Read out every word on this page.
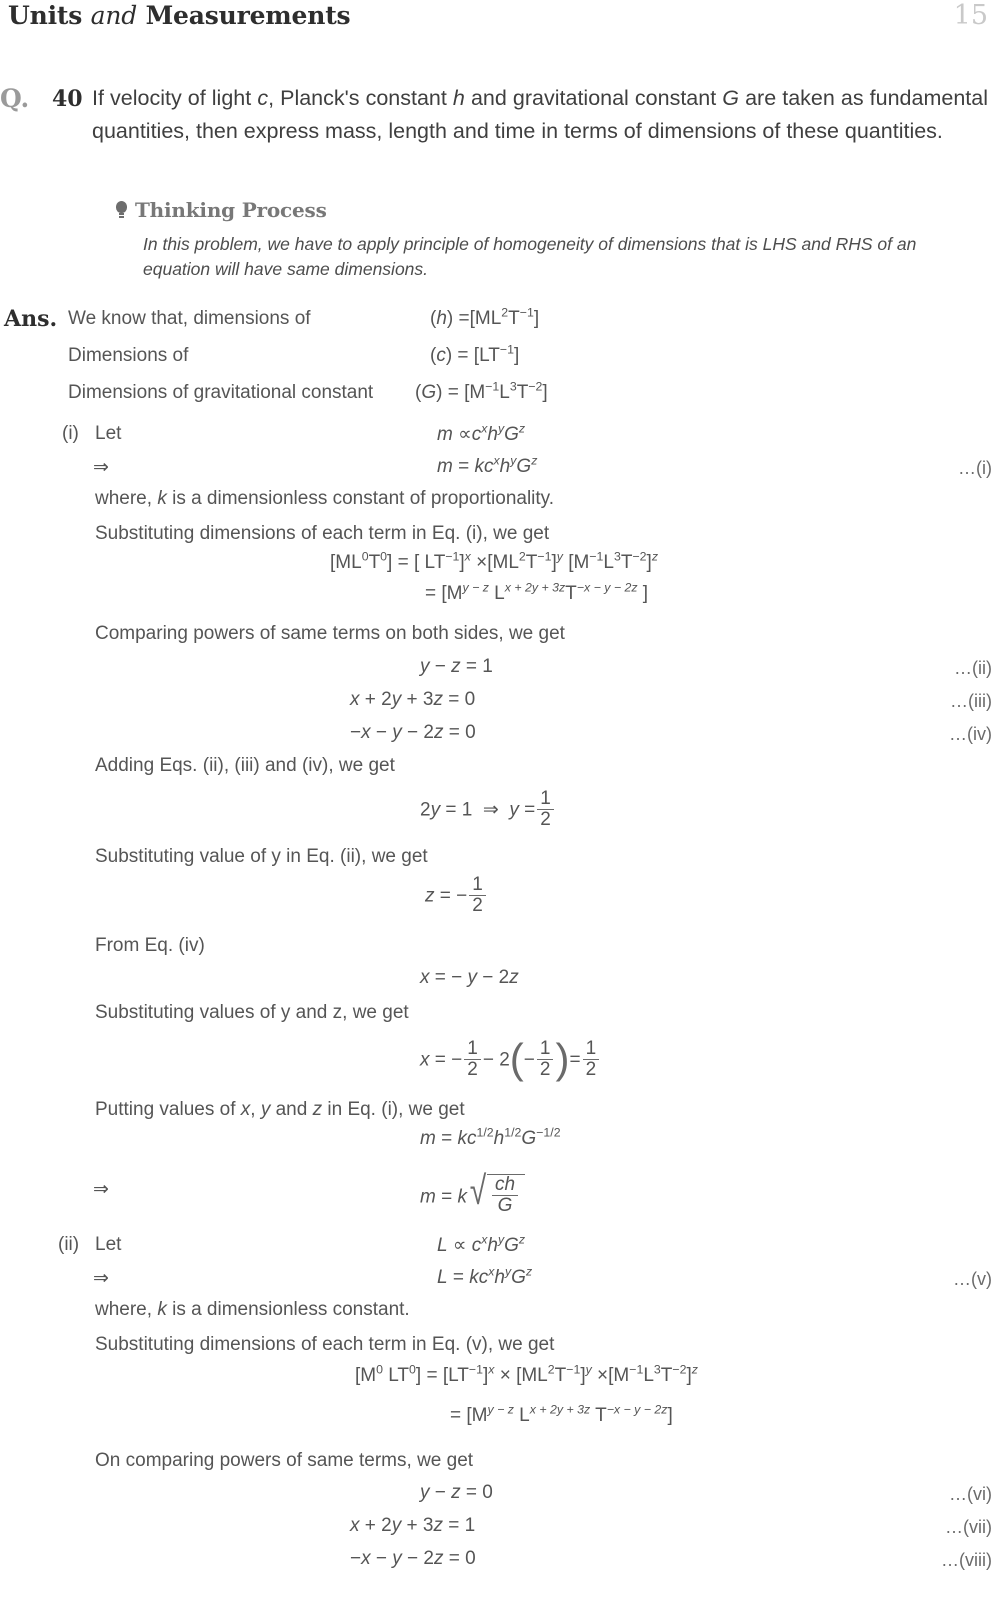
Units and Measurements	15
Q. 40 If velocity of light c, Planck's constant h and gravitational constant G are taken as fundamental quantities, then express mass, length and time in terms of dimensions of these quantities.
Thinking Process
In this problem, we have to apply principle of homogeneity of dimensions that is LHS and RHS of an equation will have same dimensions.
Ans. We know that, dimensions of	$(h) =[ML^2T^{-1}]$
Dimensions of	$(c) = [LT^{-1}]$
Dimensions of gravitational constant $(G) = [M^{-1}L^3T^{-2}]$
(i) Let	$m \propto c^xh^yG^z$
⇒	$m = kc^xh^yG^z$	…(i)
where, k is a dimensionless constant of proportionality.
Substituting dimensions of each term in Eq. (i), we get
$[ML^0T^0]$ = [ $LT^{-1}]^x \times[ML^2T^{-1}]^y$ $[M^{-1}L^3T^{-2}]^z$
= [$M^{y - z}$ $L^{x + 2y + 3z}T^{-x - y - 2z}$ ]
Comparing powers of same terms on both sides, we get
y − z = 1	…(ii)
x + 2y + 3z = 0	…(iii)
−x − y − 2z = 0	…(iv)
Adding Eqs. (ii), (iii) and (iv), we get
2y = 1  ⇒  $y = \frac{1}{2}$
Substituting value of y in Eq. (ii), we get
z = − $\frac{1}{2}$
From Eq. (iv)
x = − y − 2z
Substituting values of y and z, we get
x = − $\frac{1}{2} - 2(- \frac{1}{2}$ )= $\frac{1}{2}$
Putting values of x, y and z in Eq. (i), we get
$m = kc^{1/2}h^{1/2}G^{-1/2}$
⇒	m = k √ $\frac{ch}{G}$
(ii) Let	$L \propto c^xh^yG^z$
⇒	$L = kc^xh^yG^z$	…(v)
where, k is a dimensionless constant.
Substituting dimensions of each term in Eq. (v), we get
[$M^0$ $LT^0] = [LT^{-1}]^x \times [ML^2T^{-1}]^y \times[M^{-1}L^3T^{-2}]^z$
= [$M^{y - z}$ $L^{x + 2y + 3z}$ $T^{-x - y - 2z}$]
On comparing powers of same terms, we get
y − z = 0	…(vi)
x + 2y + 3z = 1	…(vii)
−x − y − 2z = 0	…(viii)
